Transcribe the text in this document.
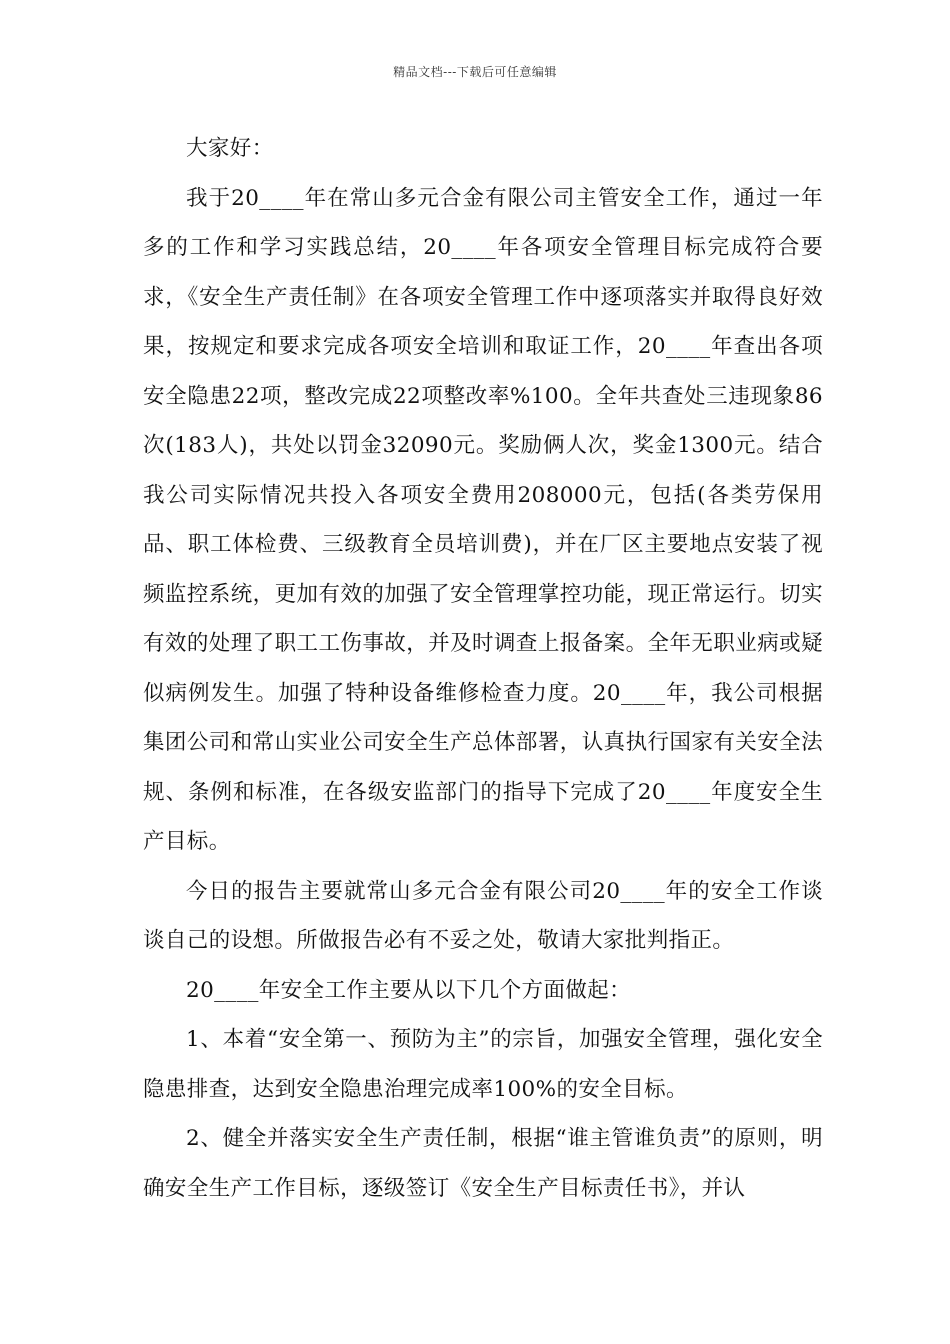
精品文档---下载后可任意编辑

大家好：

我于20____年在常山多元合金有限公司主管安全工作，通过一年多的工作和学习实践总结，20____年各项安全管理目标完成符合要求，《安全生产责任制》在各项安全管理工作中逐项落实并取得良好效果，按规定和要求完成各项安全培训和取证工作，20____年查出各项安全隐患22项，整改完成22项整改率%100。全年共查处三违现象86次(183人)，共处以罚金32090元。奖励俩人次，奖金1300元。结合我公司实际情况共投入各项安全费用208000元，包括(各类劳保用品、职工体检费、三级教育全员培训费)，并在厂区主要地点安装了视频监控系统，更加有效的加强了安全管理掌控功能，现正常运行。切实有效的处理了职工工伤事故，并及时调查上报备案。全年无职业病或疑似病例发生。加强了特种设备维修检查力度。20____年，我公司根据集团公司和常山实业公司安全生产总体部署，认真执行国家有关安全法规、条例和标准，在各级安监部门的指导下完成了20____年度安全生产目标。

今日的报告主要就常山多元合金有限公司20____年的安全工作谈谈自己的设想。所做报告必有不妥之处，敬请大家批判指正。

20____年安全工作主要从以下几个方面做起：

1、本着“安全第一、预防为主”的宗旨，加强安全管理，强化安全隐患排查，达到安全隐患治理完成率100%的安全目标。

2、健全并落实安全生产责任制，根据“谁主管谁负责”的原则，明确安全生产工作目标，逐级签订《安全生产目标责任书》，并认
